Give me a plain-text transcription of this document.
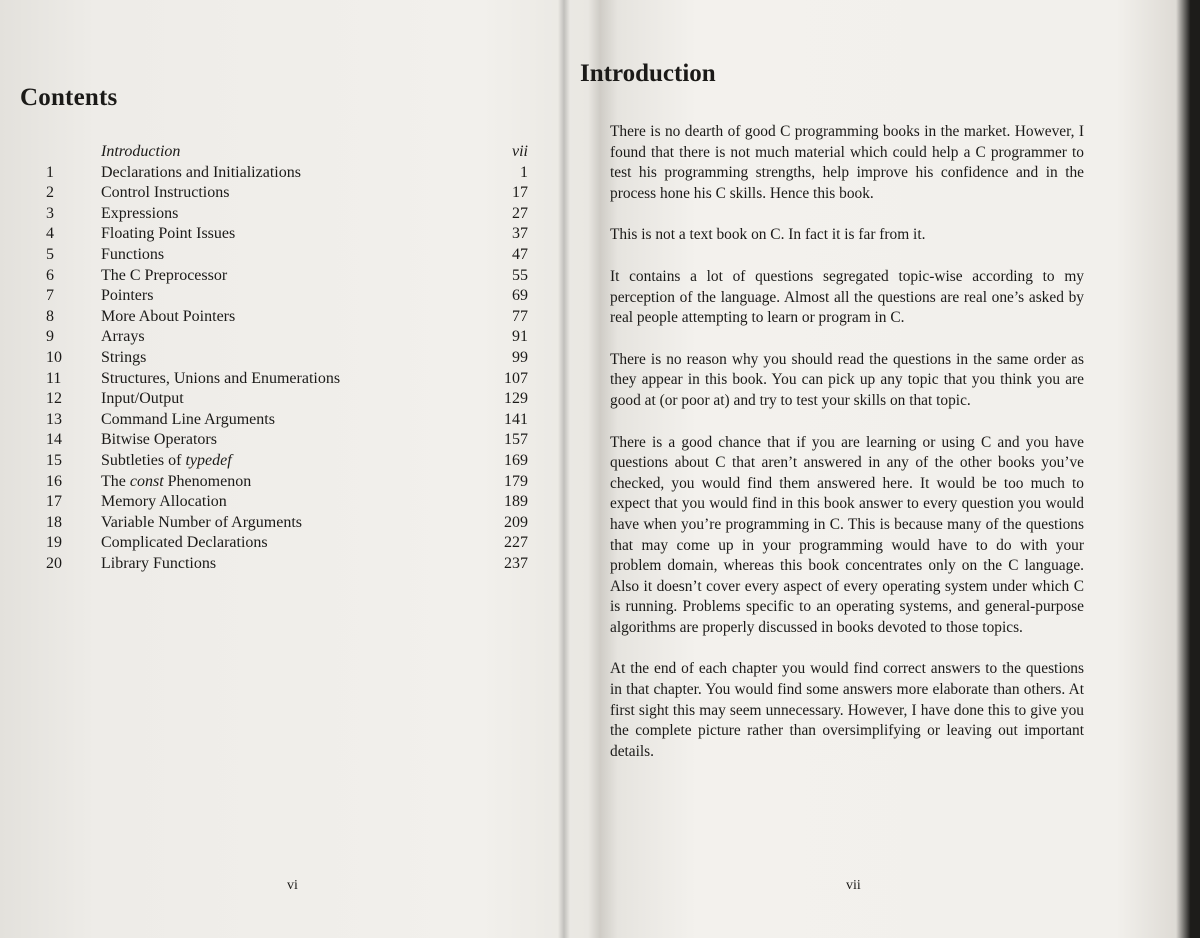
Contents
Introduction	vii
1	Declarations and Initializations	1
2	Control Instructions	17
3	Expressions	27
4	Floating Point Issues	37
5	Functions	47
6	The C Preprocessor	55
7	Pointers	69
8	More About Pointers	77
9	Arrays	91
10 Strings	99
11 Structures, Unions and Enumerations	107
12 Input/Output	129
13 Command Line Arguments	141
14 Bitwise Operators	157
15 Subtleties of typedef	169
16 The const Phenomenon	179
17 Memory Allocation	189
18 Variable Number of Arguments	209
19 Complicated Declarations	227
20 Library Functions	237
vi
Introduction

There is no dearth of good C programming books in the market. However, I found that there is not much material which could help a C programmer to test his programming strengths, help improve his confidence and in the process hone his C skills. Hence this book.

This is not a text book on C. In fact it is far from it.

It contains a lot of questions segregated topic-wise according to my perception of the language. Almost all the questions are real one’s asked by real people attempting to learn or program in C.

There is no reason why you should read the questions in the same order as they appear in this book. You can pick up any topic that you think you are good at (or poor at) and try to test your skills on that topic.

There is a good chance that if you are learning or using C and you have questions about C that aren’t answered in any of the other books you’ve checked, you would find them answered here. It would be too much to expect that you would find in this book answer to every question you would have when you’re programming in C. This is because many of the questions that may come up in your programming would have to do with your problem domain, whereas this book concentrates only on the C language. Also it doesn’t cover every aspect of every operating system under which C is running. Problems specific to an operating systems, and general-purpose algorithms are properly discussed in books devoted to those topics.

At the end of each chapter you would find correct answers to the questions in that chapter. You would find some answers more elaborate than others. At first sight this may seem unnecessary. However, I have done this to give you the complete picture rather than oversimplifying or leaving out important details.

vii
